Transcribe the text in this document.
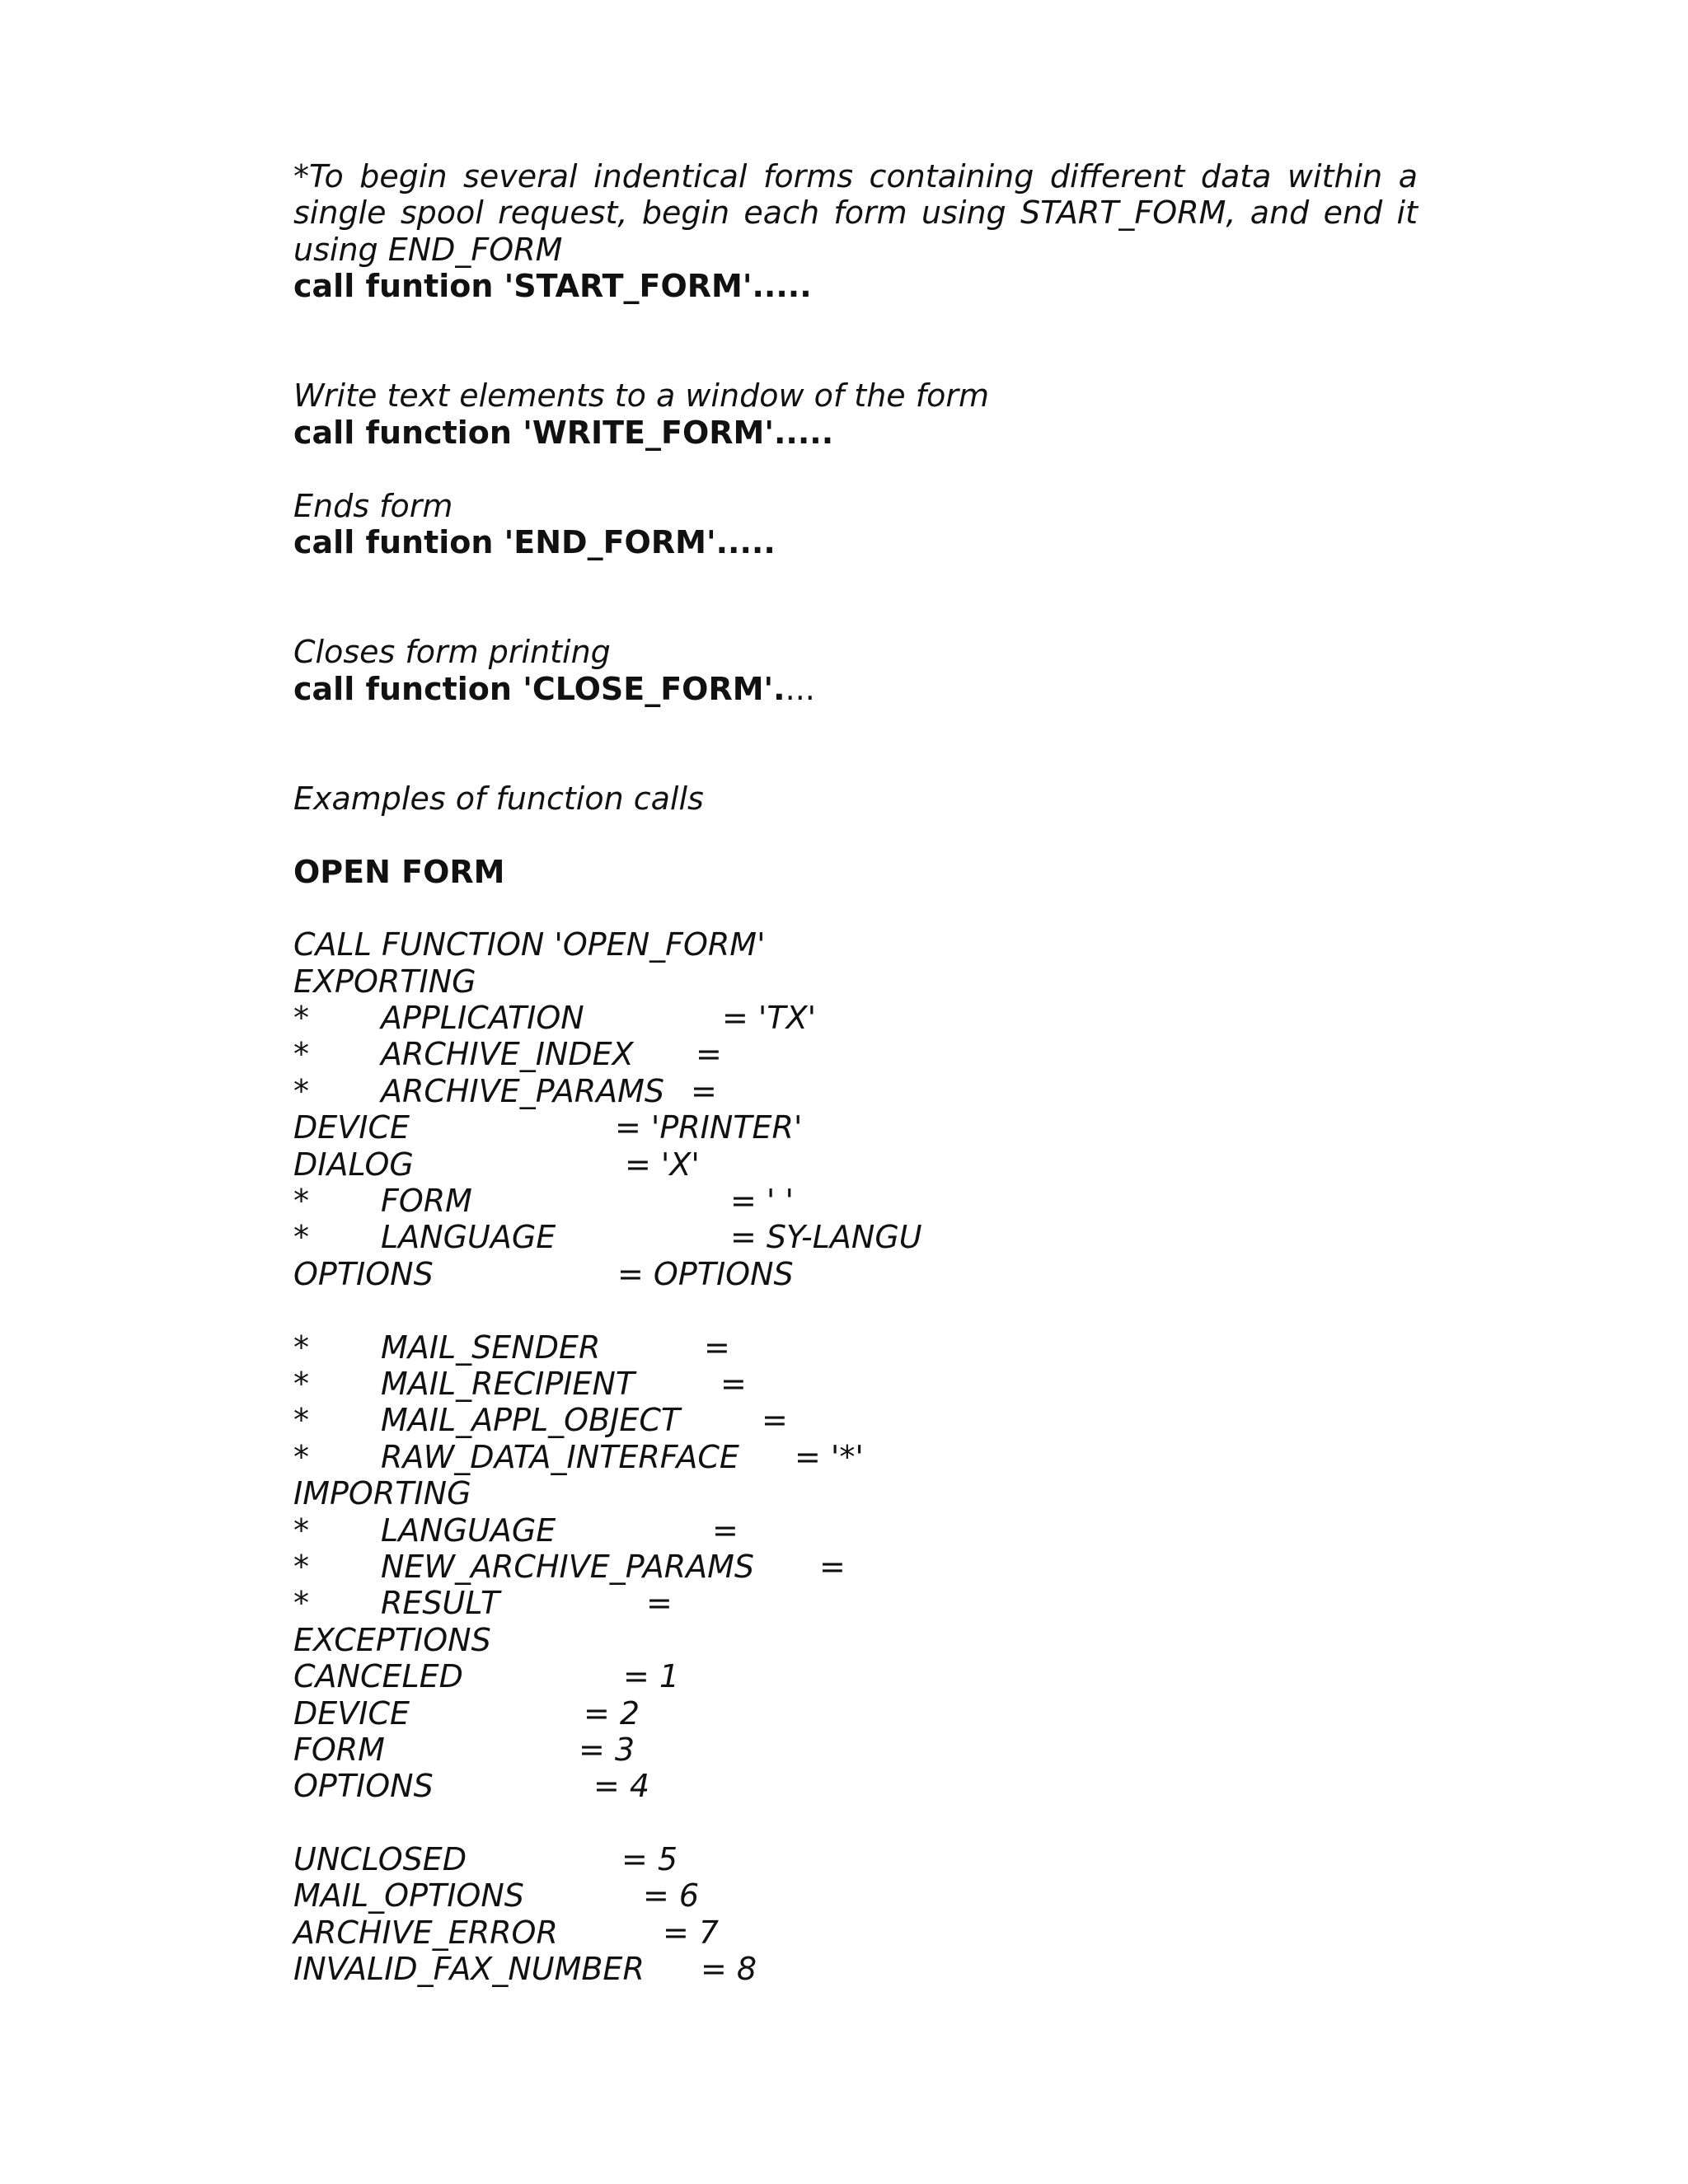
*To begin several indentical forms containing different data within a single spool request, begin each form using START_FORM, and end it using END_FORM
call funtion 'START_FORM'.....
Write text elements to a window of the form
call function 'WRITE_FORM'.....
Ends form
call funtion 'END_FORM'.....
Closes form printing
call function 'CLOSE_FORM'....
Examples of function calls
OPEN FORM
CALL FUNCTION 'OPEN_FORM'
EXPORTING
* APPLICATION	= 'TX'
* ARCHIVE_INDEX =
* ARCHIVE_PARAMS =
DEVICE	= 'PRINTER'
DIALOG	= 'X'
* FORM	= ' '
* LANGUAGE	= SY-LANGU
OPTIONS	= OPTIONS
* MAIL_SENDER	=
* MAIL_RECIPIENT	=
* MAIL_APPL_OBJECT	=
* RAW_DATA_INTERFACE = '*'
IMPORTING
* LANGUAGE	=
* NEW_ARCHIVE_PARAMS =
* RESULT	=
EXCEPTIONS
CANCELED	= 1
DEVICE	= 2
FORM	= 3
OPTIONS	= 4
UNCLOSED	= 5
MAIL_OPTIONS	= 6
ARCHIVE_ERROR	= 7
INVALID_FAX_NUMBER = 8
